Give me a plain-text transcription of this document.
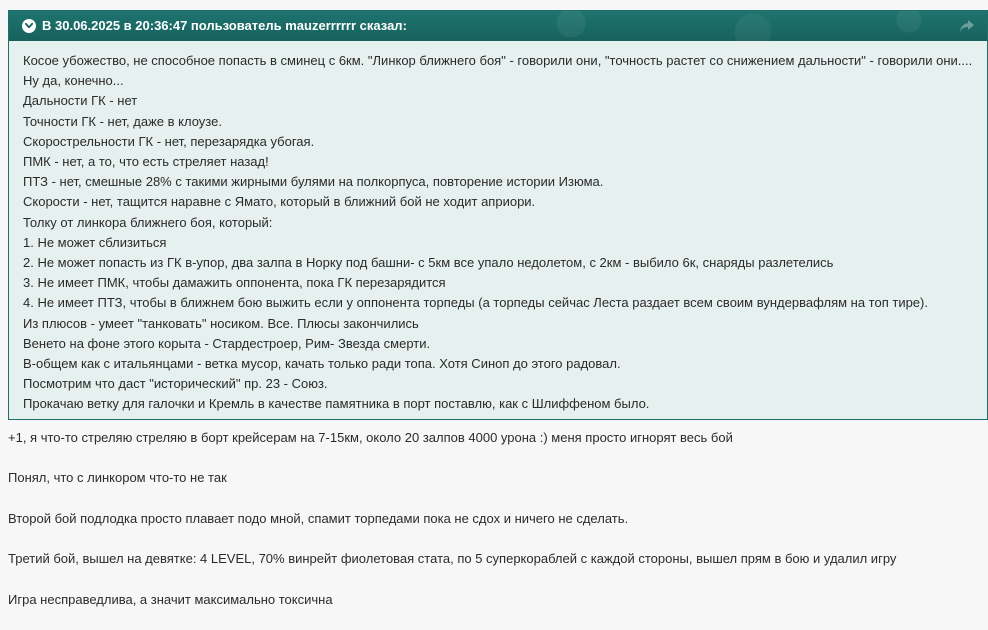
В 30.06.2025 в 20:36:47 пользователь mauzerrrrrr сказал:
Косое убожество, не способное попасть в сминец с 6км. "Линкор ближнего боя" - говорили они, "точность растет со снижением дальности" - говорили они.... Ну да, конечно...
Дальности ГК - нет
Точности ГК - нет, даже в клоузе.
Скорострельности ГК - нет, перезарядка убогая.
ПМК - нет, а то, что есть стреляет назад!
ПТЗ - нет, смешные 28% с такими жирными булями на полкорпуса, повторение истории Изюма.
Скорости - нет, тащится наравне с Ямато, который в ближний бой не ходит априори.
Толку от линкора ближнего боя, который:
1. Не может сблизиться
2. Не может попасть из ГК в-упор, два залпа в Норку под башни- с 5км все упало недолетом, с 2км - выбило 6к, снаряды разлетелись
3. Не имеет ПМК, чтобы дамажить оппонента, пока ГК перезарядится
4. Не имеет ПТЗ, чтобы в ближнем бою выжить если у оппонента торпеды (а торпеды сейчас Леста раздает всем своим вундервафлям на топ тире).
Из плюсов - умеет "танковать" носиком. Все. Плюсы закончились
Венето на фоне этого корыта - Стардестроер, Рим- Звезда смерти.
В-общем как с итальянцами - ветка мусор, качать только ради топа. Хотя Синоп до этого радовал.
Посмотрим что даст "исторический" пр. 23 - Союз.
Прокачаю ветку для галочки и Кремль в качестве памятника в порт поставлю, как с Шлиффеном было.
+1, я что-то стреляю стреляю в борт крейсерам на 7-15км, около 20 залпов 4000 урона :) меня просто игнорят весь бой
Понял, что с линкором что-то не так
Второй бой подлодка просто плавает подо мной, спамит торпедами пока не сдох и ничего не сделать.
Третий бой, вышел на девятке: 4 LEVEL, 70% винрейт фиолетовая стата, по 5 суперкораблей с каждой стороны, вышел прям в бою и удалил игру
Игра несправедлива, а значит максимально токсична
